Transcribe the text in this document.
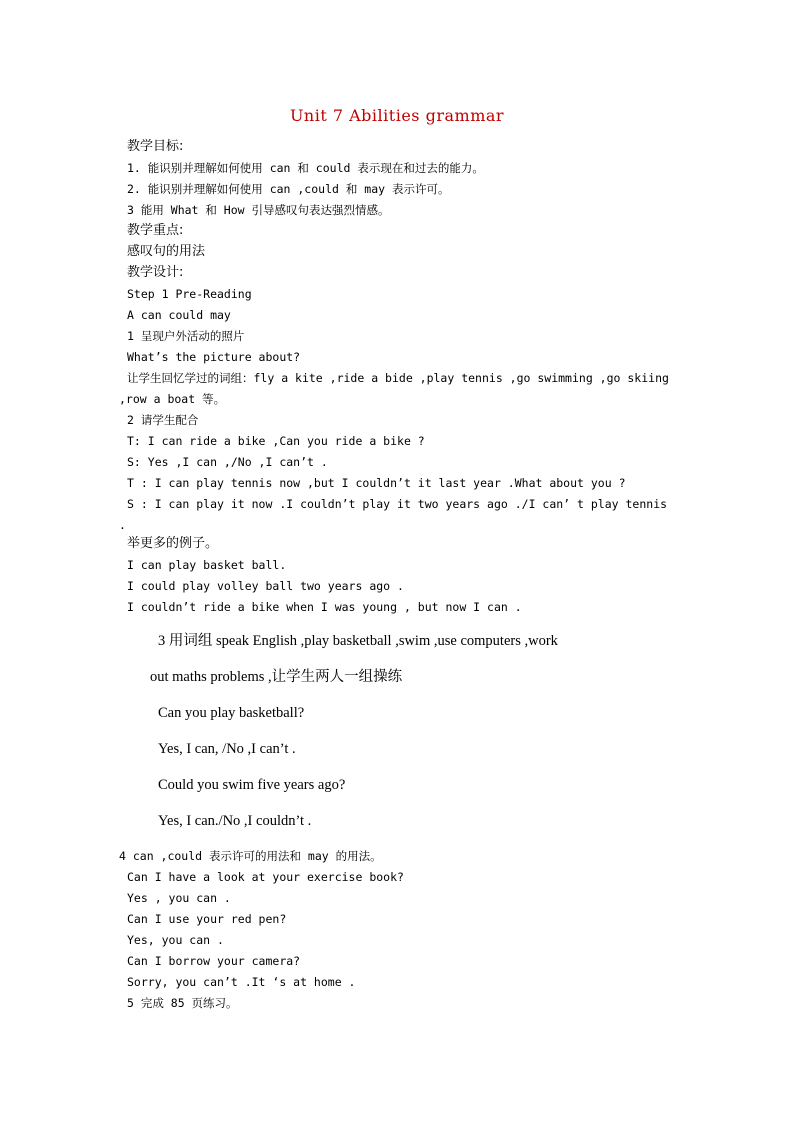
Unit 7 Abilities grammar
教学目标:
1. 能识别并理解如何使用 can 和 could 表示现在和过去的能力。
2. 能识别并理解如何使用 can ,could 和 may 表示许可。
3 能用 What 和 How 引导感叹句表达强烈情感。
教学重点:
感叹句的用法
教学设计:
Step 1 Pre-Reading
A can could may
1 呈现户外活动的照片
What’s the picture about?
让学生回忆学过的词组：fly a kite ,ride a bide ,play tennis ,go swimming ,go skiing
,row a boat 等。
2 请学生配合
T: I can ride a bike ,Can you ride a bike ?
S: Yes ,I can ,/No ,I can’t .
T : I can play tennis now ,but I couldn’t it last year .What about you ?
S : I can play it now .I couldn’t play it two years ago ./I can’ t play tennis
.
举更多的例子。
I can play basket ball.
I could play volley ball two years ago .
I couldn’t ride a bike when I was young , but now I can .
3 用词组 speak English ,play basketball ,swim ,use computers ,work
out maths problems ,让学生两人一组操练
Can you play basketball?
Yes, I can, /No ,I can’t .
Could you swim five years ago?
Yes, I can./No ,I couldn’t .
4 can ,could 表示许可的用法和 may 的用法。
Can I have a look at your exercise book?
Yes , you can .
Can I use your red pen?
Yes, you can .
Can I borrow your camera?
Sorry, you can’t .It ‘s at home .
5 完成 85 页练习。
